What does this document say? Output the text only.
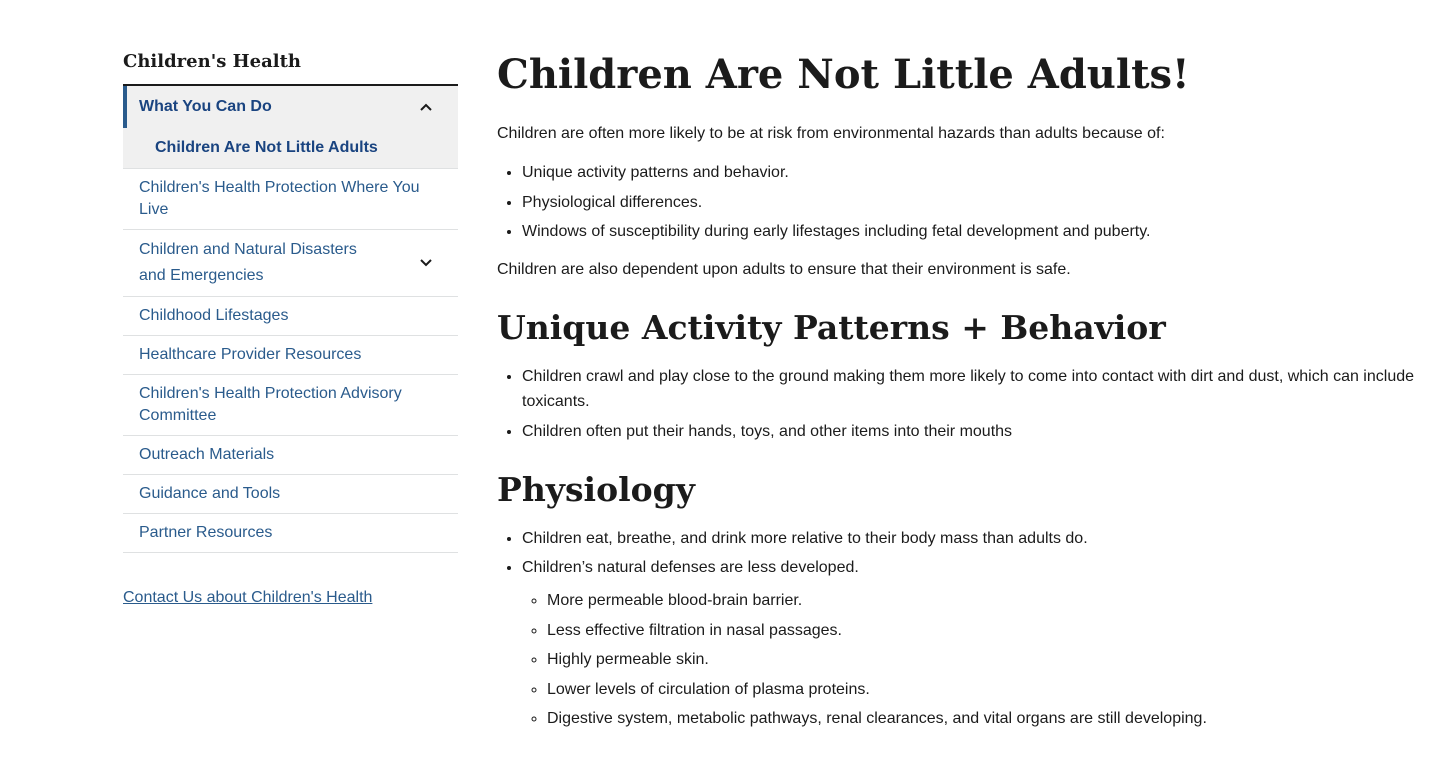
Children's Health
What You Can Do
Children Are Not Little Adults
Children's Health Protection Where You Live
Children and Natural Disasters
and Emergencies
Childhood Lifestages
Healthcare Provider Resources
Children's Health Protection Advisory Committee
Outreach Materials
Guidance and Tools
Partner Resources
Contact Us about Children's Health
Children Are Not Little Adults!

Children are often more likely to be at risk from environmental hazards than adults because of:

• Unique activity patterns and behavior.
• Physiological differences.
• Windows of susceptibility during early lifestages including fetal development and puberty.

Children are also dependent upon adults to ensure that their environment is safe.

Unique Activity Patterns + Behavior
• Children crawl and play close to the ground making them more likely to come into contact with dirt and dust, which can include toxicants.
• Children often put their hands, toys, and other items into their mouths
Physiology
• Children eat, breathe, and drink more relative to their body mass than adults do.
• Children’s natural defenses are less developed.
◦ More permeable blood-brain barrier.
◦ Less effective filtration in nasal passages.
◦ Highly permeable skin.
◦ Lower levels of circulation of plasma proteins.
◦ Digestive system, metabolic pathways, renal clearances, and vital organs are still developing.
